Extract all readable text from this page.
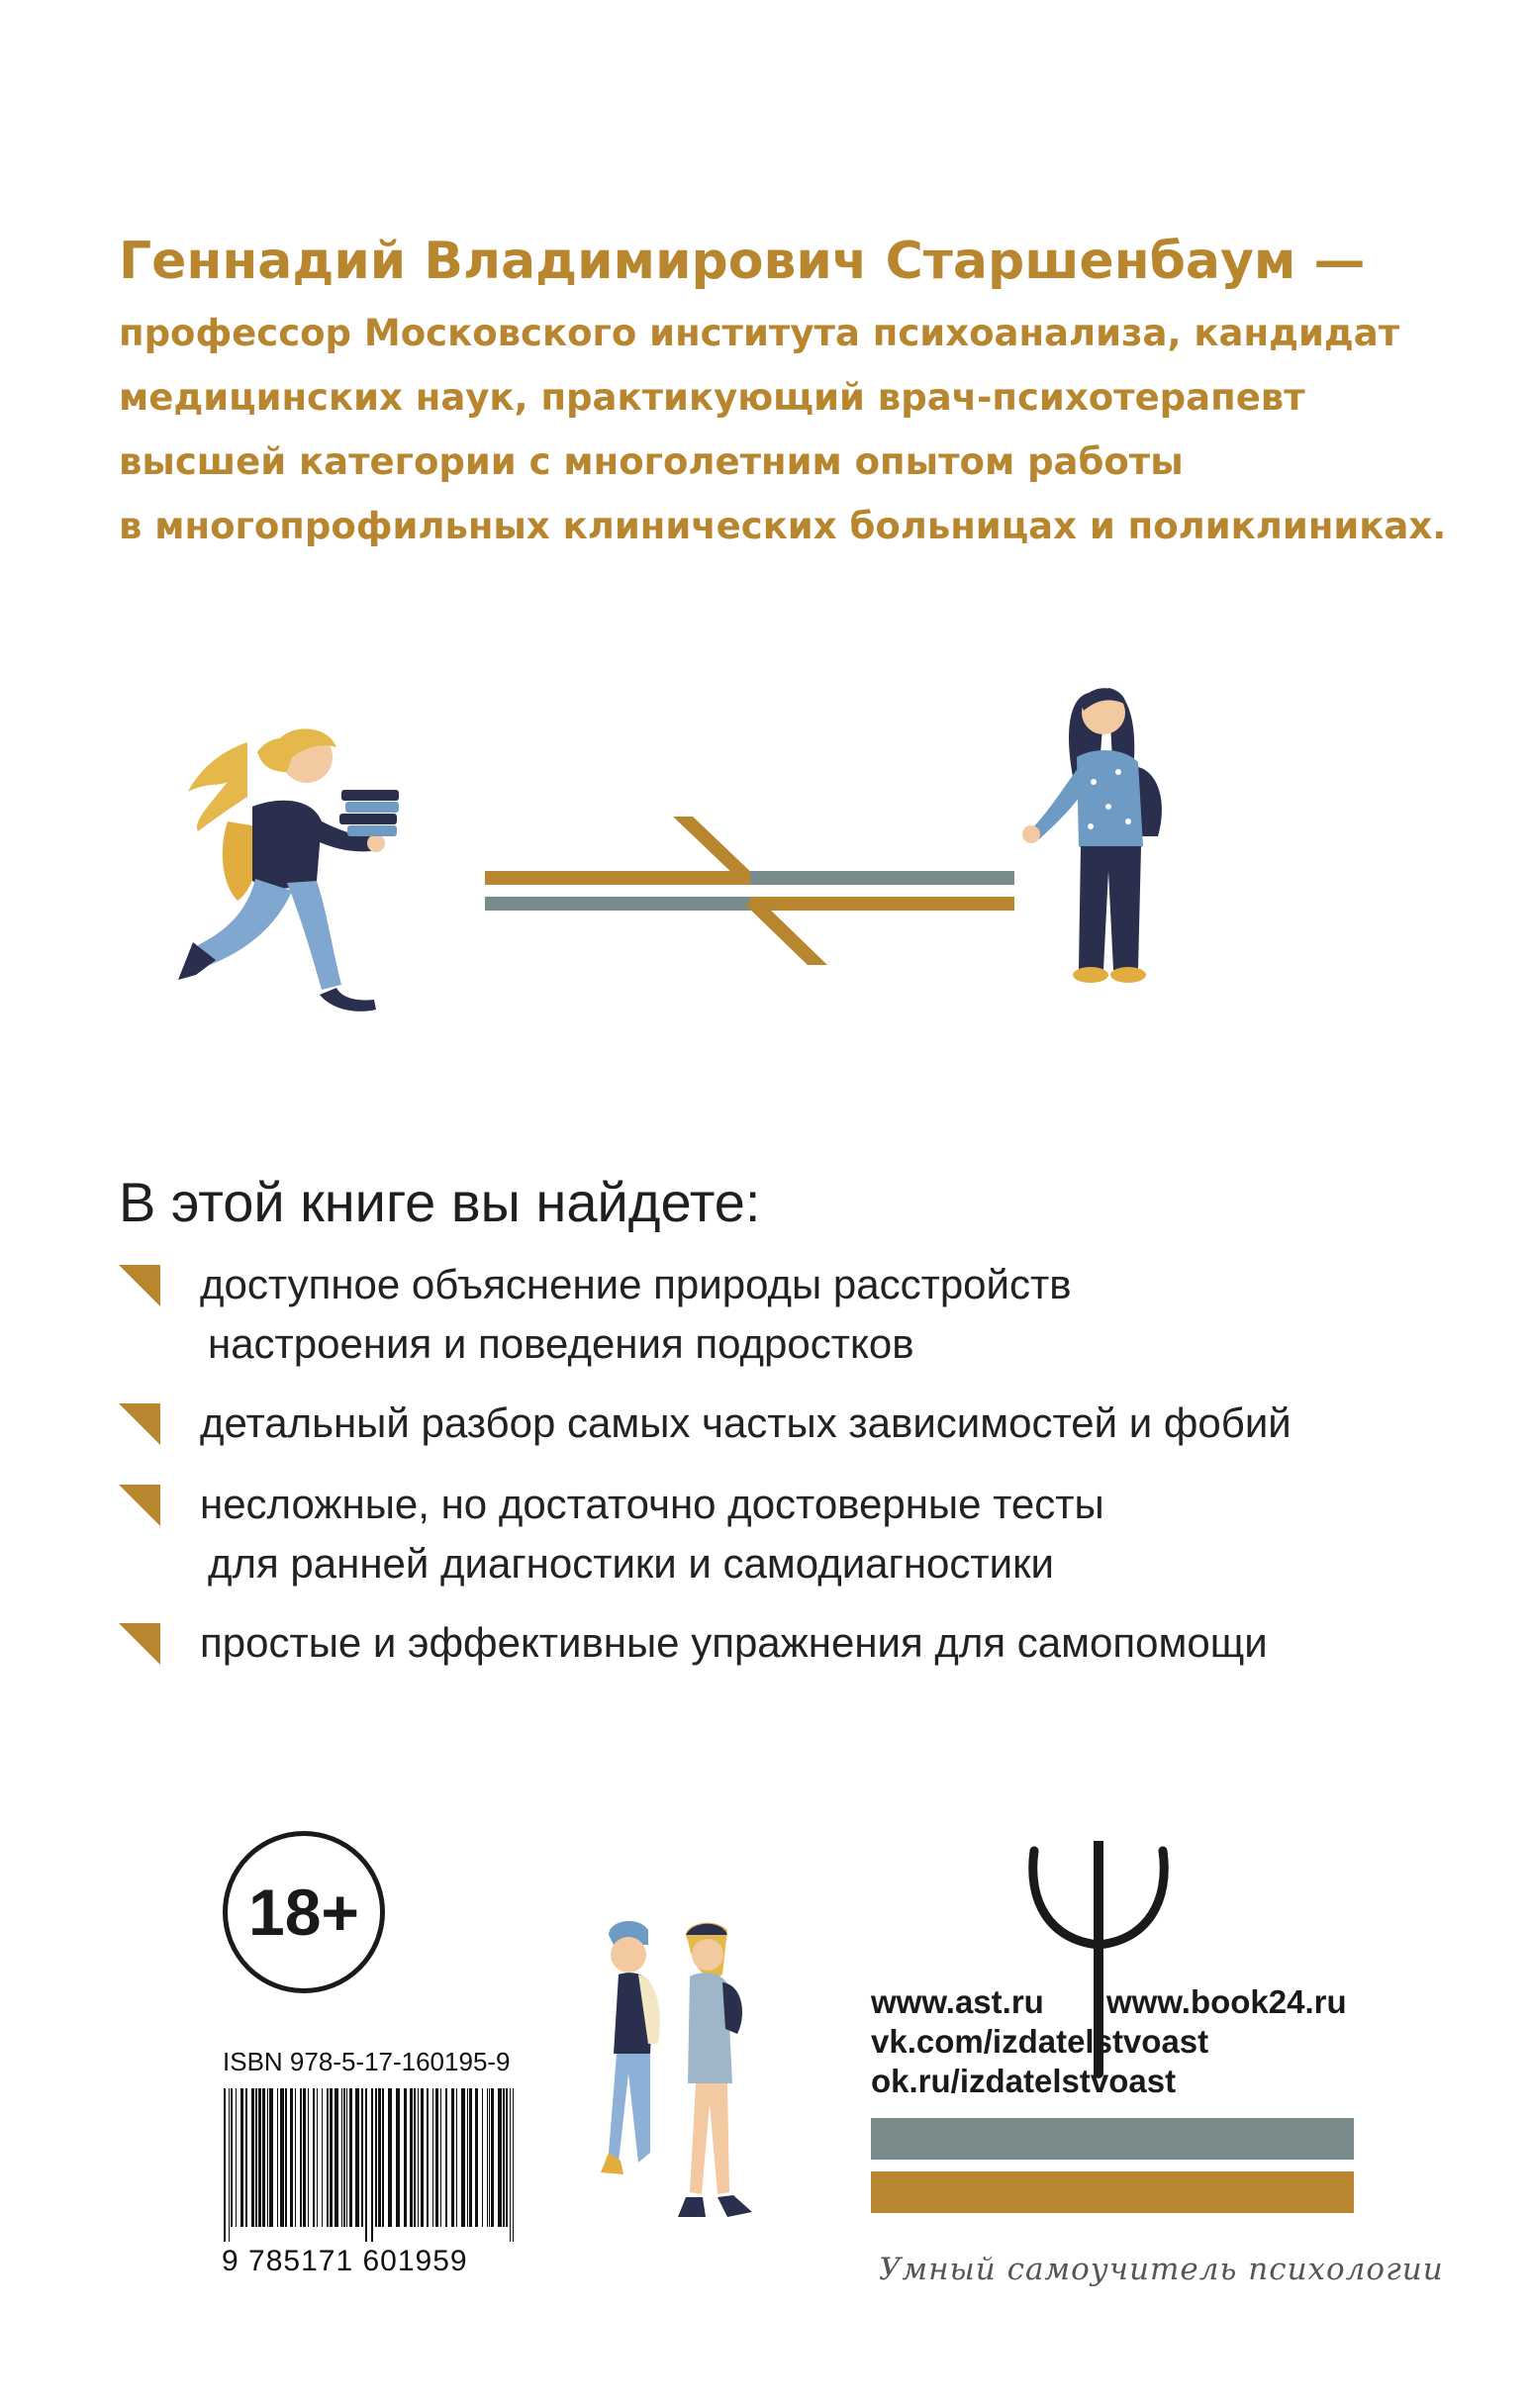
Геннадий Владимирович Старшенбаум —
профессор Московского института психоанализа, кандидат
медицинских наук, практикующий врач-психотерапевт
высшей категории с многолетним опытом работы
в многопрофильных клинических больницах и поликлиниках.
В этой книге вы найдете:
доступное объяснение природы расстройств
настроения и поведения подростков
детальный разбор самых частых зависимостей и фобий
несложные, но достаточно достоверные тесты
для ранней диагностики и самодиагностики
простые и эффективные упражнения для самопомощи
18+
ISBN 978-5-17-160195-9
9 785171 601959
www.ast.ru www.book24.ru
vk.com/izdatelstvoast
ok.ru/izdatelstvoast
Умный самоучитель психологии
